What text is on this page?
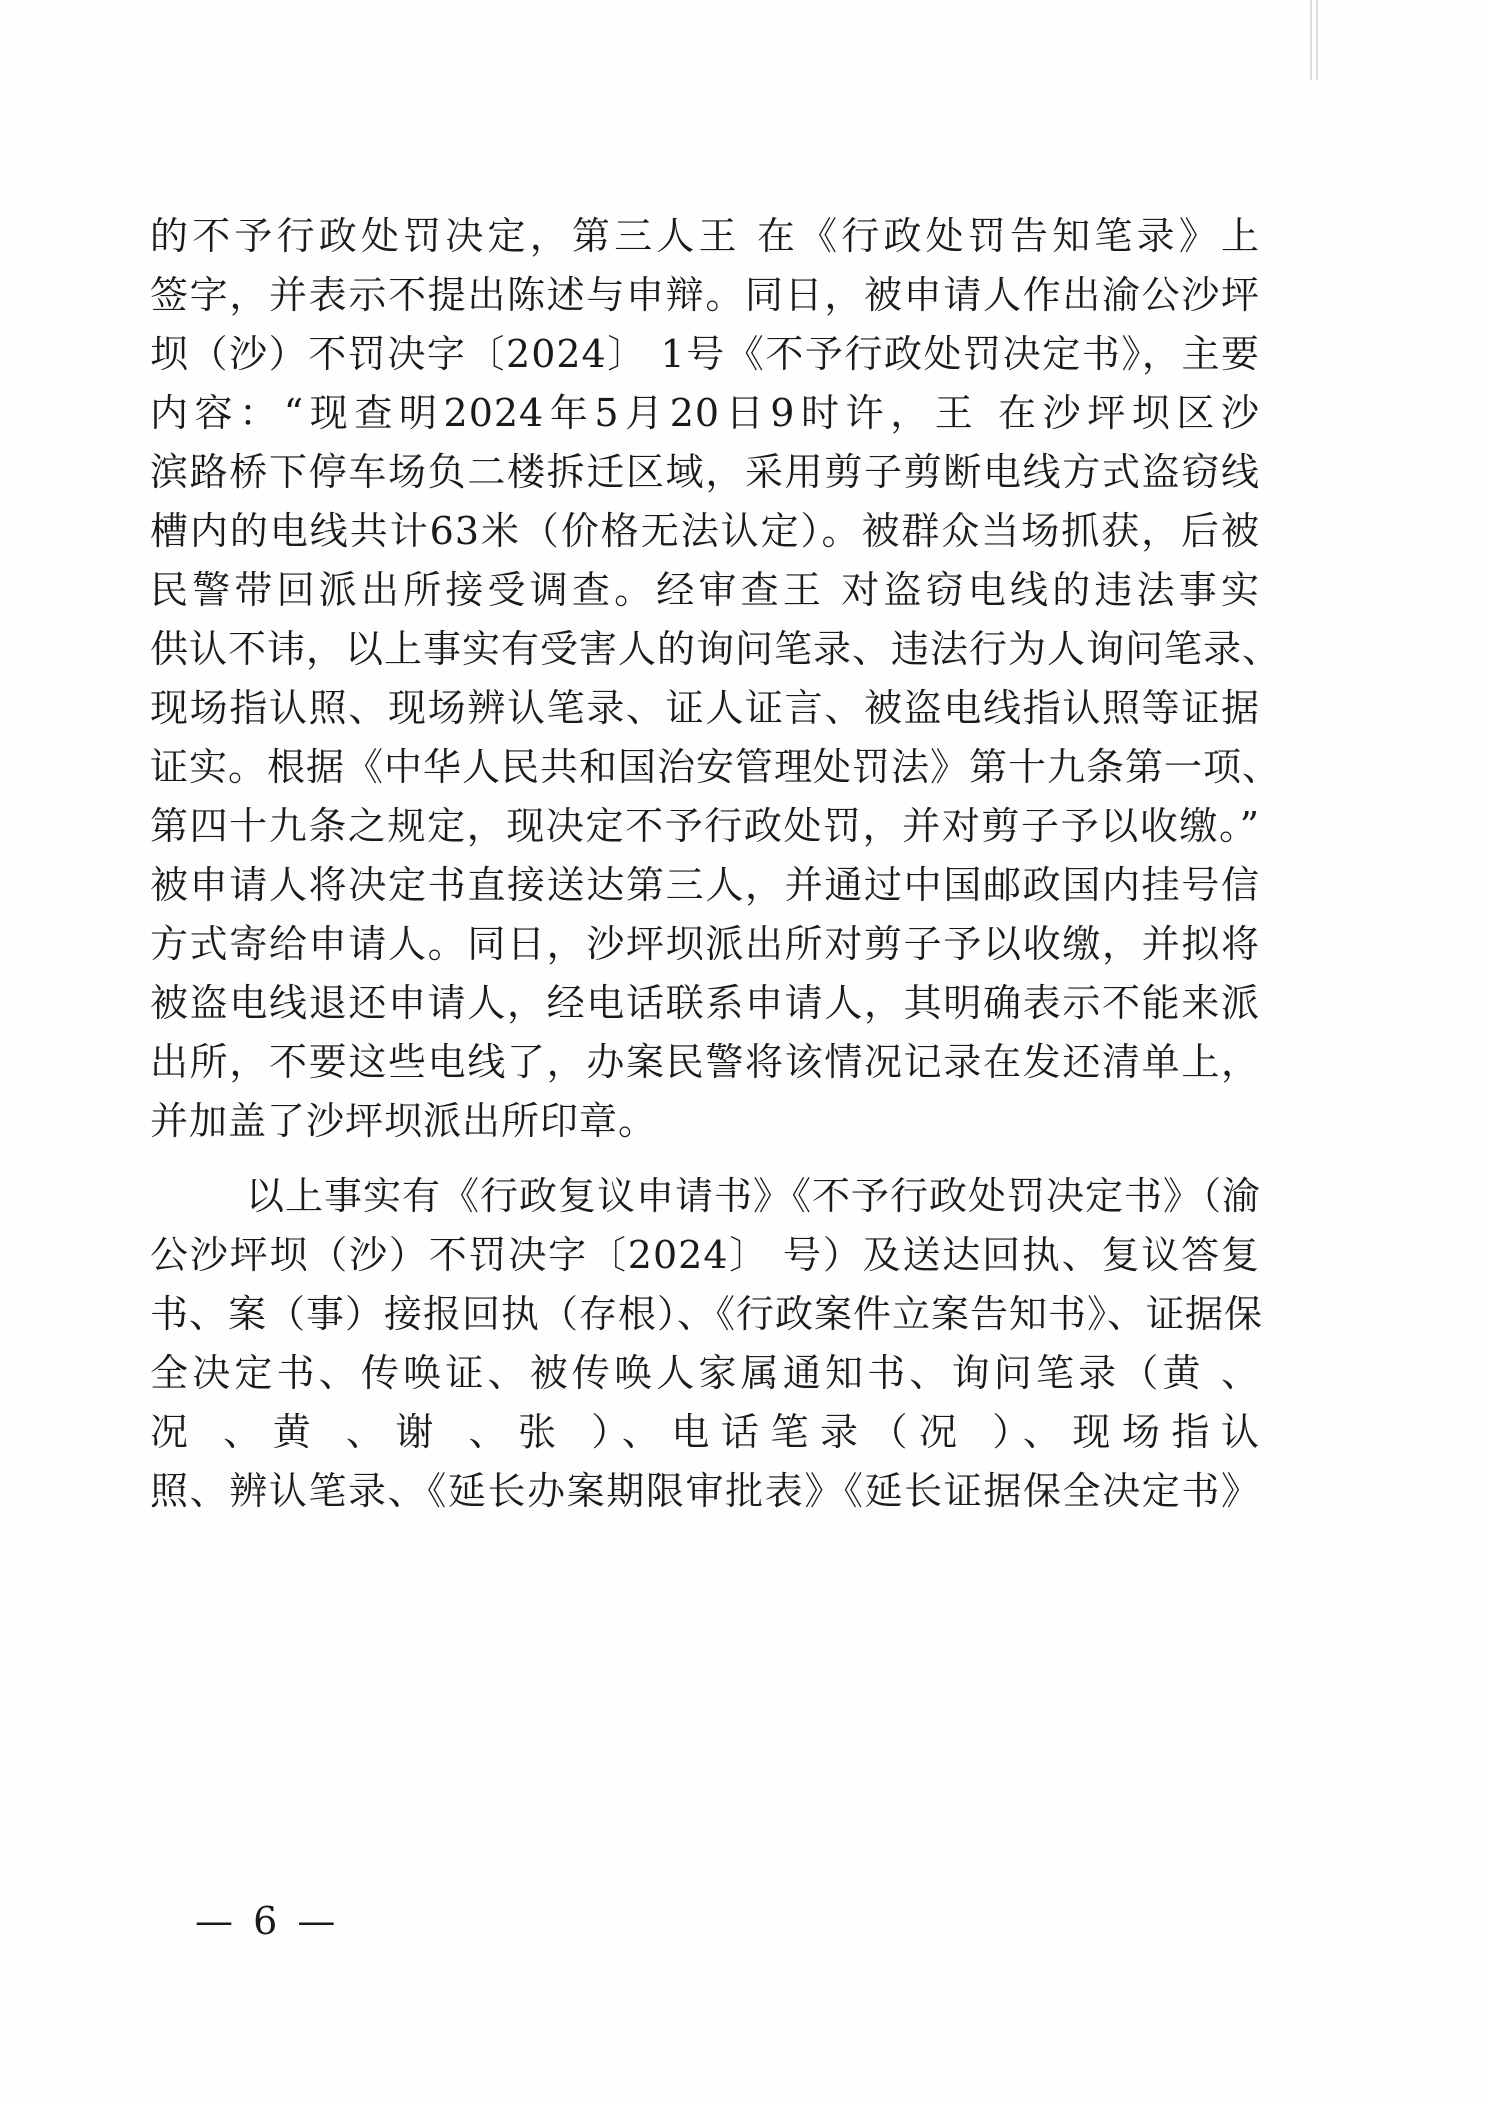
的不予行政处罚决定，第三人王 在《行政处罚告知笔录》上
签字，并表示不提出陈述与申辩。同日，被申请人作出渝公沙坪
坝（沙）不罚决字〔2024〕 1号《不予行政处罚决定书》，主要
内容：“现查明2024年5月20日9时许，王 在沙坪坝区沙
滨路桥下停车场负二楼拆迁区域，采用剪子剪断电线方式盗窃线
槽内的电线共计63米（价格无法认定）。被群众当场抓获，后被
民警带回派出所接受调查。经审查王 对盗窃电线的违法事实
供认不讳，以上事实有受害人的询问笔录、违法行为人询问笔录、
现场指认照、现场辨认笔录、证人证言、被盗电线指认照等证据
证实。根据《中华人民共和国治安管理处罚法》第十九条第一项、
第四十九条之规定，现决定不予行政处罚，并对剪子予以收缴。”
被申请人将决定书直接送达第三人，并通过中国邮政国内挂号信
方式寄给申请人。同日，沙坪坝派出所对剪子予以收缴，并拟将
被盗电线退还申请人，经电话联系申请人，其明确表示不能来派
出所，不要这些电线了，办案民警将该情况记录在发还清单上，
并加盖了沙坪坝派出所印章。
以上事实有《行政复议申请书》《不予行政处罚决定书》（渝
公沙坪坝（沙）不罚决字〔2024〕 号）及送达回执、复议答复
书、案（事）接报回执（存根）、《行政案件立案告知书》、证据保
全决定书、传唤证、被传唤人家属通知书、询问笔录（黄 、
况 、黄 、谢 、张 ）、电话笔录（况 ）、现场指认
照、辨认笔录、《延长办案期限审批表》《延长证据保全决定书》
— 6 —
